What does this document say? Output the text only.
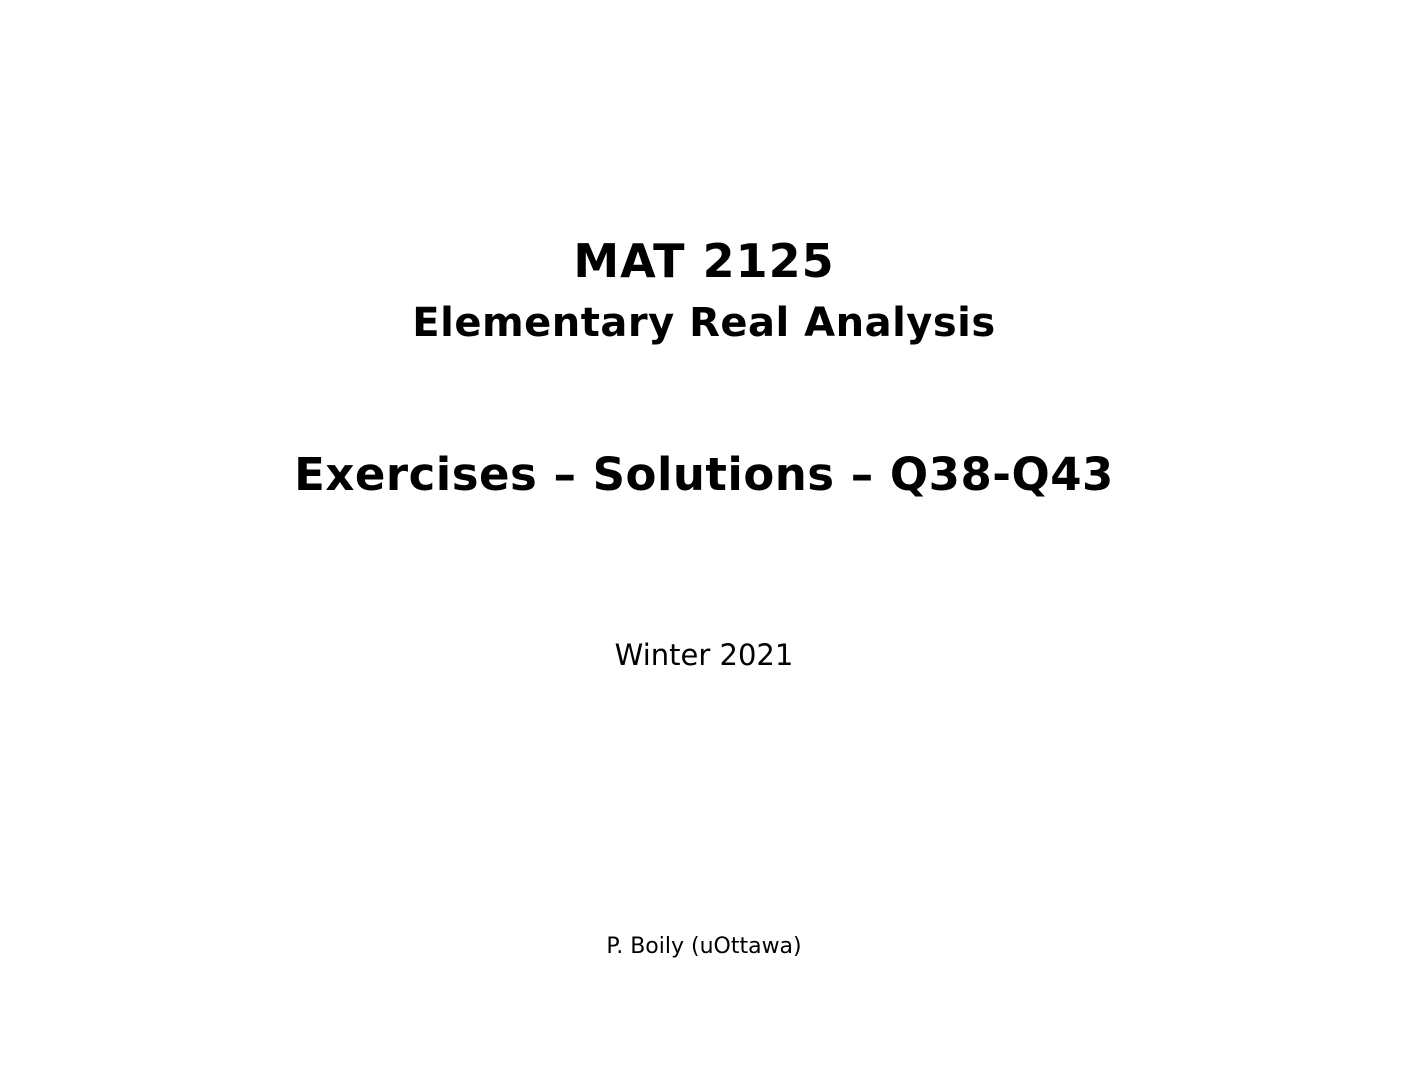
MAT 2125
Elementary Real Analysis
Exercises – Solutions – Q38-Q43

Winter 2021

P. Boily (uOttawa)
